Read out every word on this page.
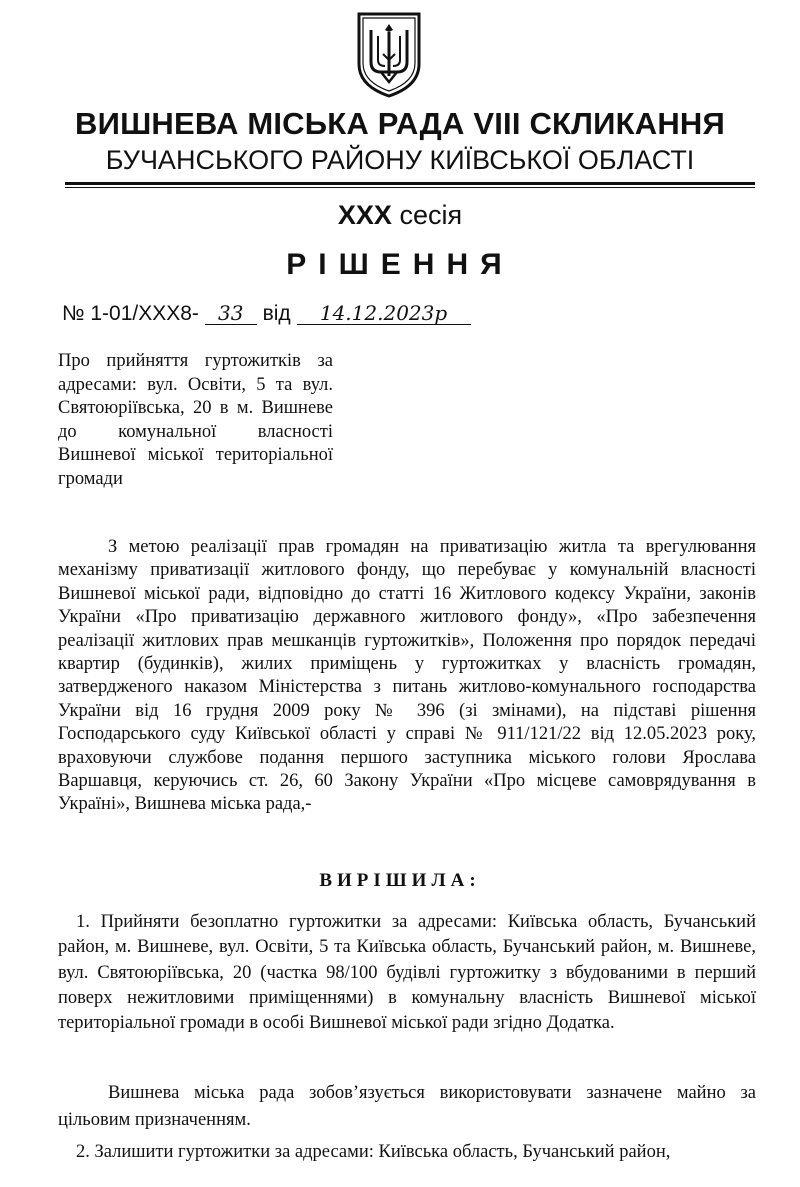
ВИШНЕВА МІСЬКА РАДА VIII СКЛИКАННЯ
БУЧАНСЬКОГО РАЙОНУ КИЇВСЬКОЇ ОБЛАСТІ
XXX сесія
РІШЕННЯ
№ 1-01/XXX8- 33 від 14.12.2023р
Про прийняття гуртожитків за адресами: вул. Освіти, 5 та вул. Святоюріївська, 20 в м. Вишневе до комунальної власності Вишневої міської територіальної громади
З метою реалізації прав громадян на приватизацію житла та врегулювання механізму приватизації житлового фонду, що перебуває у комунальній власності Вишневої міської ради, відповідно до статті 16 Житлового кодексу України, законів України «Про приватизацію державного житлового фонду», «Про забезпечення реалізації житлових прав мешканців гуртожитків», Положення про порядок передачі квартир (будинків), жилих приміщень у гуртожитках у власність громадян, затвердженого наказом Міністерства з питань житлово-комунального господарства України від 16 грудня 2009 року № 396 (зі змінами), на підставі рішення Господарського суду Київської області у справі № 911/121/22 від 12.05.2023 року, враховуючи службове подання першого заступника міського голови Ярослава Варшавця, керуючись ст. 26, 60 Закону України «Про місцеве самоврядування в Україні», Вишнева міська рада,-
ВИРІШИЛА:
1. Прийняти безоплатно гуртожитки за адресами: Київська область, Бучанський район, м. Вишневе, вул. Освіти, 5 та Київська область, Бучанський район, м. Вишневе, вул. Святоюріївська, 20 (частка 98/100 будівлі гуртожитку з вбудованими в перший поверх нежитловими приміщеннями) в комунальну власність Вишневої міської територіальної громади в особі Вишневої міської ради згідно Додатка.
Вишнева міська рада зобов’язується використовувати зазначене майно за цільовим призначенням.
2. Залишити гуртожитки за адресами: Київська область, Бучанський район,
